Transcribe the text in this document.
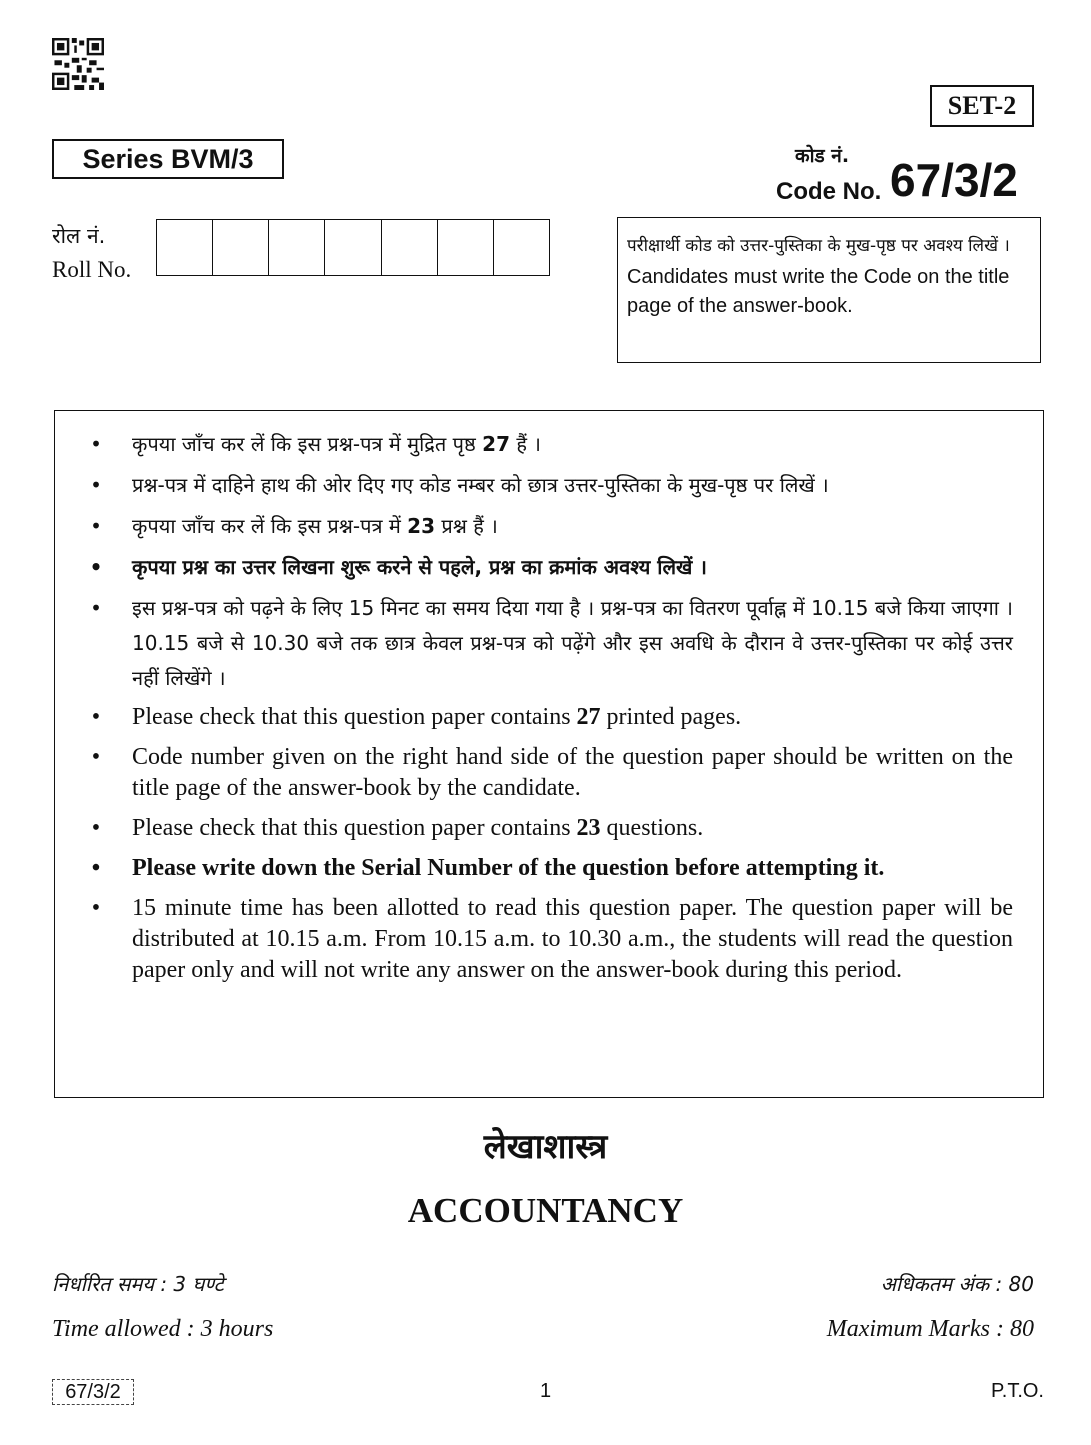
SET-2
Series BVM/3	कोड नं.
Code No. 67/3/2
रोल नं.
Roll No.
परीक्षार्थी कोड को उत्तर-पुस्तिका के मुख-पृष्ठ पर अवश्य लिखें ।
Candidates must write the Code on the title page of the answer-book.
• कृपया जाँच कर लें कि इस प्रश्न-पत्र में मुद्रित पृष्ठ 27 हैं ।
• प्रश्न-पत्र में दाहिने हाथ की ओर दिए गए कोड नम्बर को छात्र उत्तर-पुस्तिका के मुख-पृष्ठ पर लिखें ।
• कृपया जाँच कर लें कि इस प्रश्न-पत्र में 23 प्रश्न हैं ।
• कृपया प्रश्न का उत्तर लिखना शुरू करने से पहले, प्रश्न का क्रमांक अवश्य लिखें ।
• इस प्रश्न-पत्र को पढ़ने के लिए 15 मिनट का समय दिया गया है । प्रश्न-पत्र का वितरण पूर्वाह्न में 10.15 बजे किया जाएगा । 10.15 बजे से 10.30 बजे तक छात्र केवल प्रश्न-पत्र को पढ़ेंगे और इस अवधि के दौरान वे उत्तर-पुस्तिका पर कोई उत्तर नहीं लिखेंगे ।
• Please check that this question paper contains 27 printed pages.
• Code number given on the right hand side of the question paper should be written on the title page of the answer-book by the candidate.
• Please check that this question paper contains 23 questions.
• Please write down the Serial Number of the question before attempting it.
• 15 minute time has been allotted to read this question paper. The question paper will be distributed at 10.15 a.m. From 10.15 a.m. to 10.30 a.m., the students will read the question paper only and will not write any answer on the answer-book during this period.
लेखाशास्त्र
ACCOUNTANCY
निर्धारित समय : 3 घण्टे	अधिकतम अंक : 80
Time allowed : 3 hours	Maximum Marks : 80
67/3/2	1	P.T.O.
